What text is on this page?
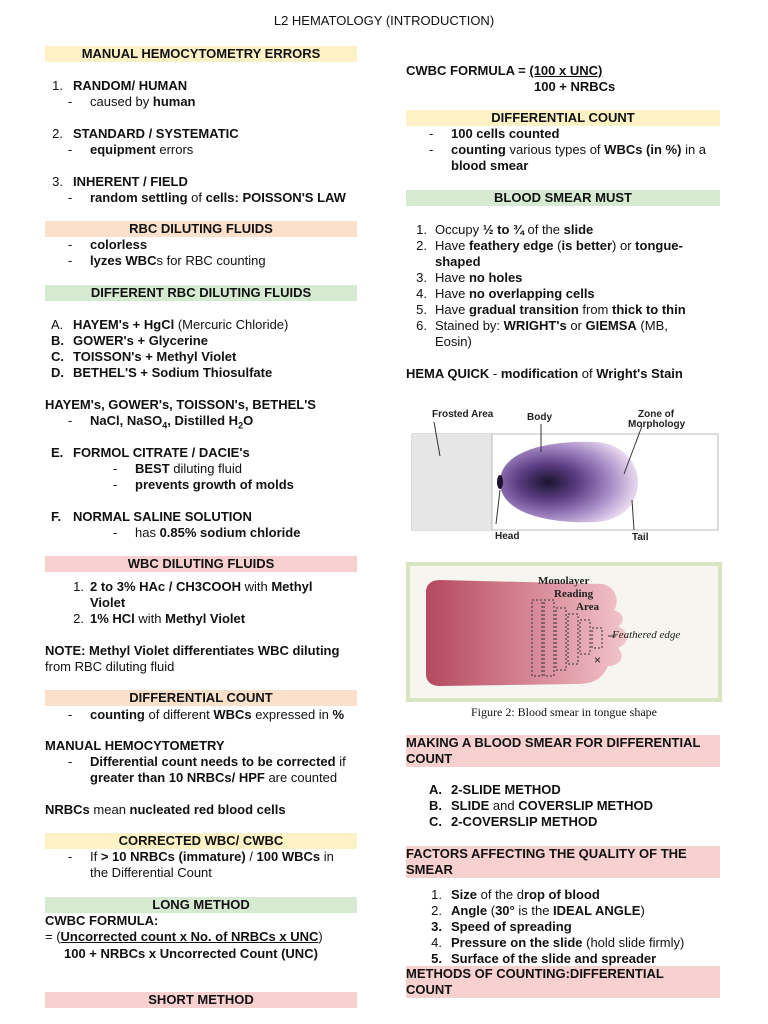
L2 HEMATOLOGY (INTRODUCTION)
MANUAL HEMOCYTOMETRY ERRORS
1. RANDOM/ HUMAN
- caused by human
2. STANDARD / SYSTEMATIC
- equipment errors
3. INHERENT / FIELD
- random settling of cells: POISSON'S LAW
RBC DILUTING FLUIDS
- colorless
- lyzes WBCs for RBC counting
DIFFERENT RBC DILUTING FLUIDS
A. HAYEM's + HgCl (Mercuric Chloride)
B. GOWER's + Glycerine
C. TOISSON's + Methyl Violet
D. BETHEL'S + Sodium Thiosulfate
HAYEM's, GOWER's, TOISSON's, BETHEL'S
- NaCl, NaSO$_4$, Distilled $H_2O$
E. FORMOL CITRATE / DACIE's
- BEST diluting fluid
- prevents growth of molds
F. NORMAL SALINE SOLUTION
- has 0.85% sodium chloride
WBC DILUTING FLUIDS
1. 2 to 3% HAc / CH3COOH with Methyl
Violet
2. 1% HCl with Methyl Violet
NOTE: Methyl Violet differentiates WBC diluting
from RBC diluting fluid
DIFFERENTIAL COUNT
- counting of different WBCs expressed in %
MANUAL HEMOCYTOMETRY
- Differential count needs to be corrected if
greater than 10 NRBCs/ HPF are counted
NRBCs mean nucleated red blood cells
CORRECTED WBC/ CWBC
- If > 10 NRBCs (immature) / 100 WBCs in
the Differential Count
LONG METHOD
CWBC FORMULA:
= (Uncorrected count x No. of NRBCs x UNC)
100 + NRBCs x Uncorrected Count (UNC)
SHORT METHOD
CWBC FORMULA = (100 x UNC)
100 + NRBCs
DIFFERENTIAL COUNT
- 100 cells counted
- counting various types of WBCs (in %) in a
blood smear
BLOOD SMEAR MUST
1. Occupy ½ to ¾ of the slide
2. Have feathery edge (is better) or tongue-
shaped
3. Have no holes
4. Have no overlapping cells
5. Have gradual transition from thick to thin
6. Stained by: WRIGHT's or GIEMSA (MB,
Eosin)
HEMA QUICK - modification of Wright's Stain
Frosted Area	Body	Zone of
Morphology
Head	Tail
×
Monolayer
Reading
Area
Feathered edge
Figure 2: Blood smear in tongue shape
MAKING A BLOOD SMEAR FOR DIFFERENTIAL
COUNT
A. 2-SLIDE METHOD
B. SLIDE and COVERSLIP METHOD
C. 2-COVERSLIP METHOD
FACTORS AFFECTING THE QUALITY OF THE
SMEAR
1. Size of the drop of blood
2. Angle (30° is the IDEAL ANGLE)
3. Speed of spreading
4. Pressure on the slide (hold slide firmly)
5. Surface of the slide and spreader
METHODS OF COUNTING:DIFFERENTIAL
COUNT
